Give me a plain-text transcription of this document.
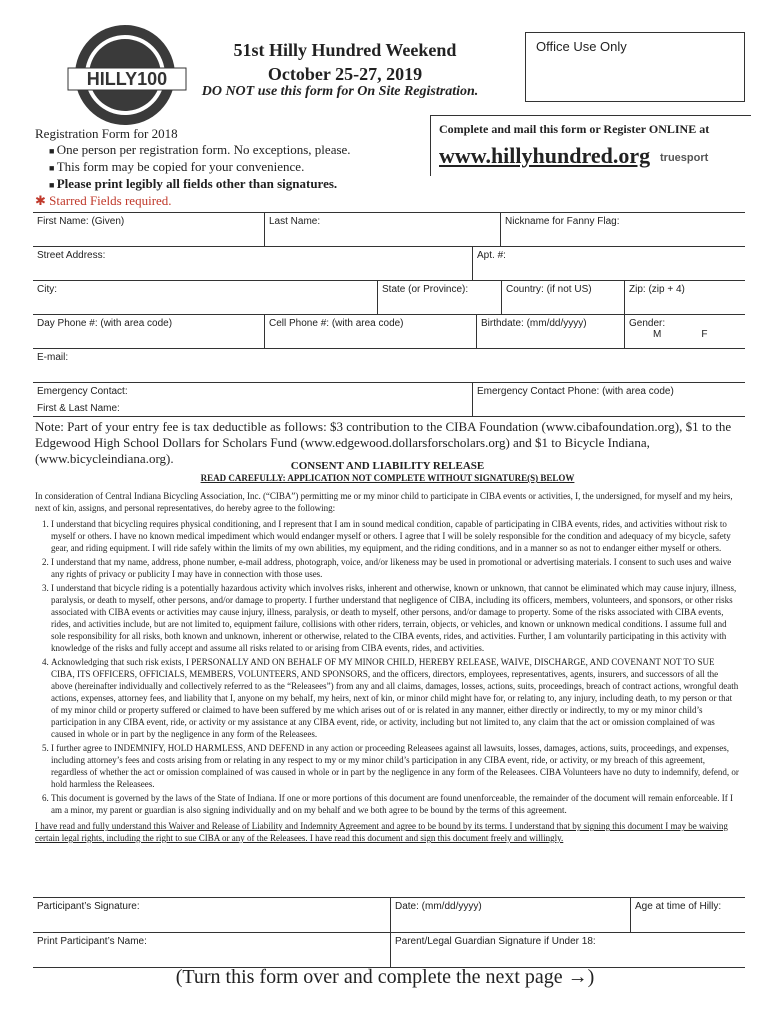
HILLY100
51st Hilly Hundred Weekend
October 25-27, 2019
DO NOT use this form for On Site Registration.
Office Use Only
Registration Form for 2018
■ One person per registration form. No exceptions, please.
■ This form may be copied for your convenience.
■ Please print legibly all fields other than signatures.
✱ Starred Fields required.
Complete and mail this form or Register ONLINE at
www.hillyhundred.org truesport
First Name: (Given)	Last Name:	Nickname for Fanny Flag:
Street Address:	Apt. #:
City:	State (or Province):	Country: (if not US)	Zip: (zip + 4)
Day Phone #: (with area code)	Cell Phone #: (with area code)	Birthdate: (mm/dd/yyyy)	Gender:
M	F
E-mail:
Emergency Contact:
First & Last Name:
Emergency Contact Phone: (with area code)
Note: Part of your entry fee is tax deductible as follows: $3 contribution to the CIBA Foundation (www.cibafoundation.org), $1 to the Edgewood High School Dollars for Scholars Fund (www.edgewood.dollarsforscholars.org) and $1 to Bicycle Indiana, (www.bicycleindiana.org).	CONSENT AND LIABILITY RELEASE
READ CAREFULLY: APPLICATION NOT COMPLETE WITHOUT SIGNATURE(S) BELOW
In consideration of Central Indiana Bicycling Association, Inc. (“CIBA”) permitting me or my minor child to participate in CIBA events or activities, I, the undersigned, for myself and my heirs, next of kin, assigns, and personal representatives, do hereby agree to the following:
1. I understand that bicycling requires physical conditioning, and I represent that I am in sound medical condition, capable of participating in CIBA events, rides, and activities without risk to myself or others. I have no known medical impediment which would endanger myself or others. I agree that I will be solely responsible for the condition and adequacy of my bicycle, safety gear, and riding equipment. I will ride safely within the limits of my own abilities, my equipment, and the riding conditions, and in a manner so as not to endanger either myself or others.
2. I understand that my name, address, phone number, e-mail address, photograph, voice, and/or likeness may be used in promotional or advertising materials. I consent to such uses and waive any rights of privacy or publicity I may have in connection with those uses.
3. I understand that bicycle riding is a potentially hazardous activity which involves risks, inherent and otherwise, known or unknown, that cannot be eliminated which may cause injury, illness, paralysis, or death to myself, other persons, and/or damage to property. I further understand that negligence of CIBA, including its officers, members, volunteers, and sponsors, or other risks associated with CIBA events or activities may cause injury, illness, paralysis, or death to myself, other persons, and/or damage to property. Some of the risks associated with CIBA events, rides, and activities include, but are not limited to, equipment failure, collisions with other riders, terrain, objects, or vehicles, and known or unknown medical conditions. I assume full and sole responsibility for all risks, both known and unknown, inherent or otherwise, related to the CIBA events, rides, and activities. Further, I am voluntarily participating in this activity with knowledge of the risks and fully accept and assume all risks related to or arising from CIBA events, rides, and activities.
4. Acknowledging that such risk exists, I PERSONALLY AND ON BEHALF OF MY MINOR CHILD, HEREBY RELEASE, WAIVE, DISCHARGE, AND COVENANT NOT TO SUE CIBA, ITS OFFICERS, OFFICIALS, MEMBERS, VOLUNTEERS, AND SPONSORS, and the officers, directors, employees, representatives, agents, insurers, and successors of all the above (hereinafter individually and collectively referred to as the “Releasees”) from any and all claims, damages, losses, actions, suits, proceedings, breach of contract actions, wrongful death actions, expenses, attorney fees, and liability that I, anyone on my behalf, my heirs, next of kin, or minor child might have for, or relating to, any injury, including death, to my person or that of my minor child or property suffered or claimed to have been suffered by me which arises out of or is related in any manner, either directly or indirectly, to my or my minor child’s participation in any CIBA event, ride, or activity or my assistance at any CIBA event, ride, or activity, including but not limited to, any claim that the act or omission complained of was caused in whole or in part by the negligence in any form of the Releasees.
5. I further agree to INDEMNIFY, HOLD HARMLESS, AND DEFEND in any action or proceeding Releasees against all lawsuits, losses, damages, actions, suits, proceedings, and expenses, including attorney’s fees and costs arising from or relating in any respect to my or my minor child’s participation in any CIBA event, ride, or activity, or my breach of this agreement, regardless of whether the act or omission complained of was caused in whole or in part by the negligence in any form of the Releasees. CIBA Volunteers have no duty to indemnify, defend, or hold harmless the Releasees.
6. This document is governed by the laws of the State of Indiana. If one or more portions of this document are found unenforceable, the remainder of the document will remain enforceable. If I am a minor, my parent or guardian is also signing individually and on my behalf and we both agree to be bound by the terms of this agreement.
I have read and fully understand this Waiver and Release of Liability and Indemnity Agreement and agree to be bound by its terms. I understand that by signing this document I may be waiving certain legal rights, including the right to sue CIBA or any of the Releasees. I have read this document and sign this document freely and willingly.
Participant’s Signature:	Date: (mm/dd/yyyy)	Age at time of Hilly:
Print Participant’s Name:	Parent/Legal Guardian Signature if Under 18:
(Turn this form over and complete the next page →)
